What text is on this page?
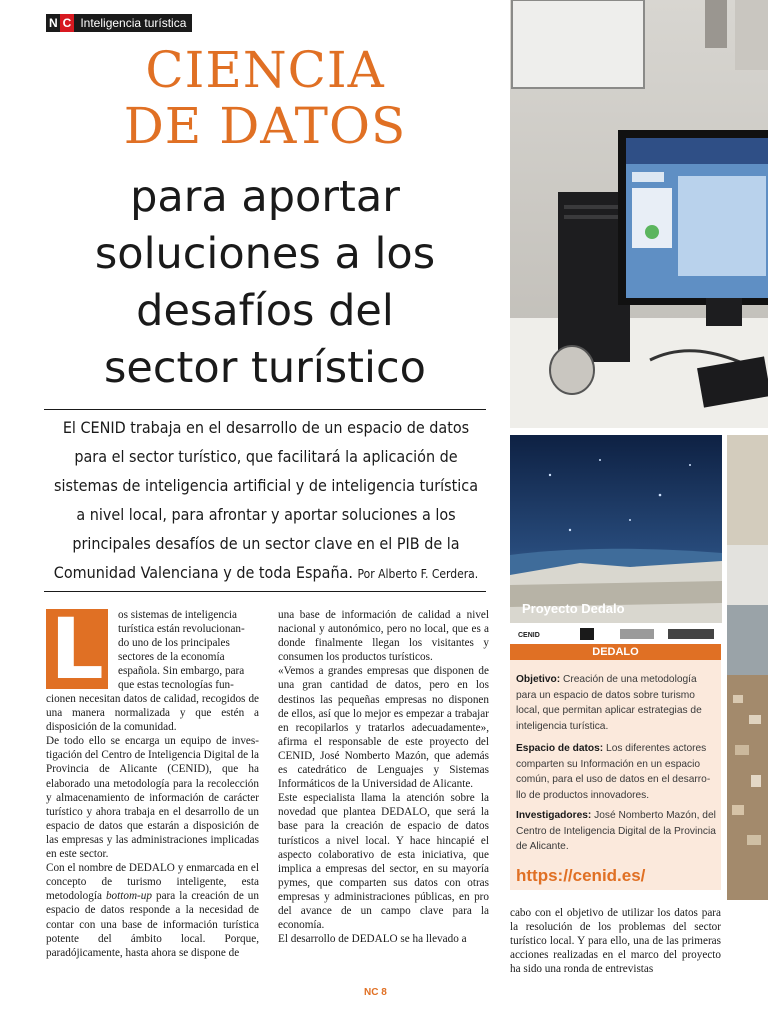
N C Inteligencia turística
CIENCIA
DE DATOS
para aportar
soluciones a los
desafíos del
sector turístico
El CENID trabaja en el desarrollo de un espacio de datos
para el sector turístico, que facilitará la aplicación de
sistemas de inteligencia artificial y de inteligencia turística
a nivel local, para afrontar y aportar soluciones a los
principales desafíos de un sector clave en el PIB de la
Comunidad Valenciana y de toda España. Por Alberto F. Cerdera.
L	os sistemas de inteligencia

turística están revolucionan-

do uno de los principales

sectores de la economía

española. Sin embargo, para

que estas tecnologías fun-

cionen necesitan datos de calidad, recogidos de una manera normalizada y que estén a disposición de la comunidad.

De todo ello se encarga un equipo de investigación del Centro de Inteligencia Digital de la Provincia de Alicante (CENID), que ha elaborado una metodología para la recolección y almacenamiento de información de carácter turístico y ahora trabaja en el desarrollo de un espacio de datos que estarán a disposición de las empresas y las administraciones implicadas en este sector.

Con el nombre de DEDALO y enmarcada en el concepto de turismo inteligente, esta metodología bottom-up para la creación de un espacio de datos responde a la necesidad de contar con una base de información turística potente del ámbito local. Porque, paradójicamente, hasta ahora se dispone de

una base de información de calidad a nivel nacional y autonómico, pero no local, que es a donde finalmente llegan los visitantes y consumen los productos turísticos.

«Vemos a grandes empresas que disponen de una gran cantidad de datos, pero en los destinos las pequeñas empresas no disponen de ellos, así que lo mejor es empezar a trabajar en recopilarlos y tratarlos adecuadamente», afirma el responsable de este proyecto del CENID, José Nomberto Mazón, que además es catedrático de Lenguajes y Sistemas Informáticos de la Universidad de Alicante.

Este especialista llama la atención sobre la novedad que plantea DEDALO, que será la base para la creación de espacio de datos turísticos a nivel local. Y hace hincapié el aspecto colaborativo de esta iniciativa, que implica a empresas del sector, en su mayoría pymes, que comparten sus datos con otras empresas y administraciones públicas, en pro del avance de un campo clave para la economía.

El desarrollo de DEDALO se ha llevado a

Proyecto Dedalo
CENID
DEDALO
Objetivo: Creación de una metodología para un espacio de datos sobre turismo local, que permitan aplicar estrategias de inteligencia turística.
Espacio de datos: Los diferentes actores comparten su Información en un espacio común, para el uso de datos en el desarrollo de productos innovadores.
Investigadores: José Nomberto Mazón, del Centro de Inteligencia Digital de la Provincia de Alicante.
https://cenid.es/

cabo con el objetivo de utilizar los datos para la resolución de los problemas del sector turístico local. Y para ello, una de las primeras acciones realizadas en el marco del proyecto ha sido una ronda de entrevistas

NC 8
